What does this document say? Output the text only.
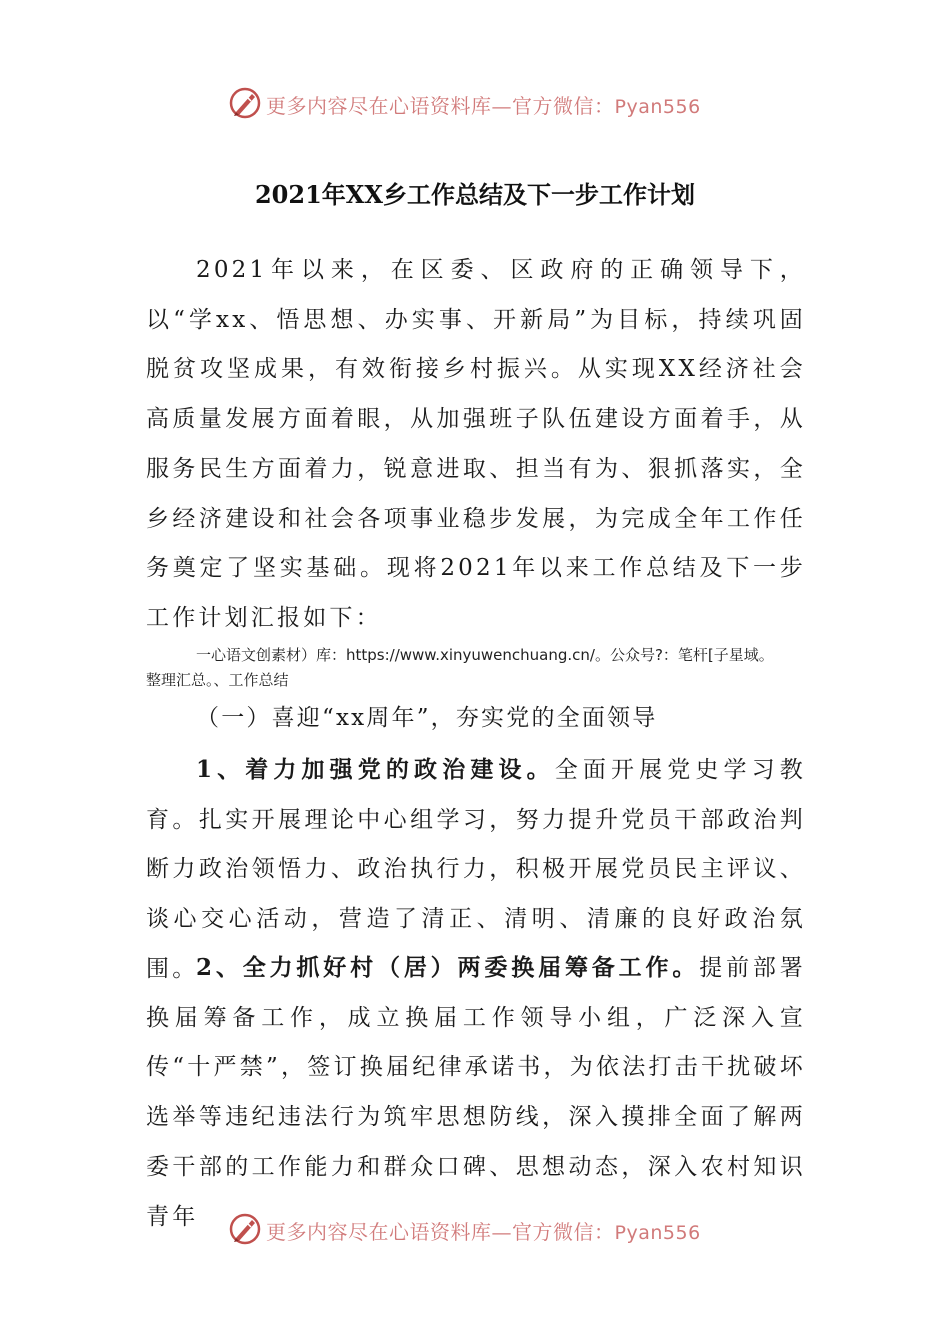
更多内容尽在心语资料库—官方微信：Pyan556
2021年XX乡工作总结及下一步工作计划

2021年以来，在区委、区政府的正确领导下，以“学xx、悟思想、办实事、开新局”为目标，持续巩固脱贫攻坚成果，有效衔接乡村振兴。从实现XX经济社会高质量发展方面着眼，从加强班子队伍建设方面着手，从服务民生方面着力，锐意进取、担当有为、狠抓落实，全乡经济建设和社会各项事业稳步发展，为完成全年工作任务奠定了坚实基础。现将2021年以来工作总结及下一步工作计划汇报如下：

一心语文创素材）库：https://www.xinyuwenchuang.cn/。公众号?：笔杆[子星域。
整理汇总。、工作总结
（一）喜迎“xx周年”，夯实党的全面领导

1、着力加强党的政治建设。全面开展党史学习教育。扎实开展理论中心组学习，努力提升党员干部政治判断力政治领悟力、政治执行力，积极开展党员民主评议、谈心交心活动，营造了清正、清明、清廉的良好政治氛围。

2、全力抓好村（居）两委换届筹备工作。提前部署换届筹备工作，成立换届工作领导小组，广泛深入宣传“十严禁”，签订换届纪律承诺书，为依法打击干扰破坏选举等违纪违法行为筑牢思想防线，深入摸排全面了解两委干部的工作能力和群众口碑、思想动态，深入农村知识青年

更多内容尽在心语资料库—官方微信：Pyan556
